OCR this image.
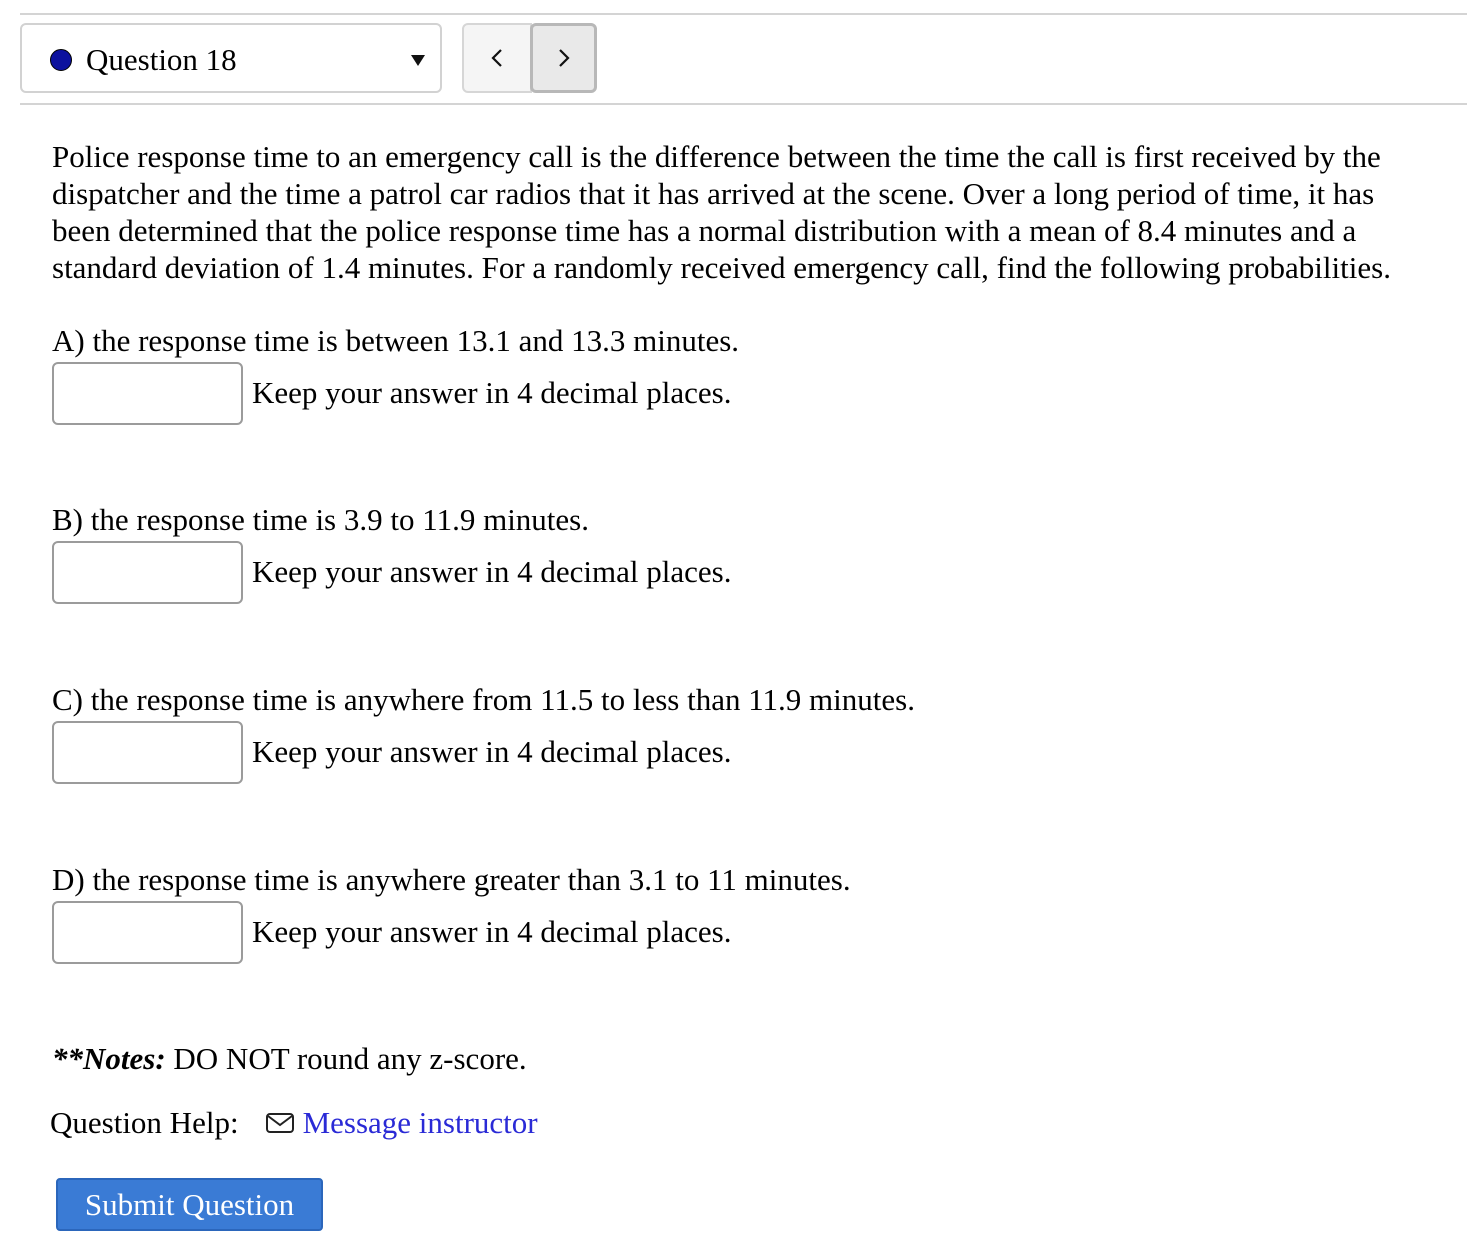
Question 18

Police response time to an emergency call is the difference between the time the call is first received by the

dispatcher and the time a patrol car radios that it has arrived at the scene. Over a long period of time, it has

been determined that the police response time has a normal distribution with a mean of 8.4 minutes and a

standard deviation of 1.4 minutes. For a randomly received emergency call, find the following probabilities.

A) the response time is between 13.1 and 13.3 minutes.
Keep your answer in 4 decimal places.
B) the response time is 3.9 to 11.9 minutes.
Keep your answer in 4 decimal places.
C) the response time is anywhere from 11.5 to less than 11.9 minutes.
Keep your answer in 4 decimal places.
D) the response time is anywhere greater than 3.1 to 11 minutes.
Keep your answer in 4 decimal places.
**Notes: DO NOT round any z-score.
Question Help: Message instructor
Submit Question
